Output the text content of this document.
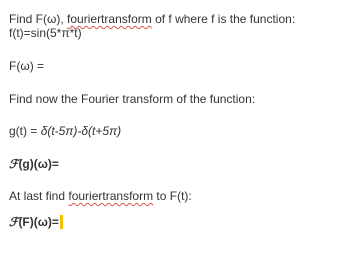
Find F(ω), fouriertransform of f where f is the function:
f(t)=sin(5*π*t)
F(ω) =
Find now the Fourier transform of the function:
g(t) = δ(t-5π)-δ(t+5π)
ℱ(g)(ω)=
At last find fouriertransform to F(t):
ℱ(F)(ω)=
